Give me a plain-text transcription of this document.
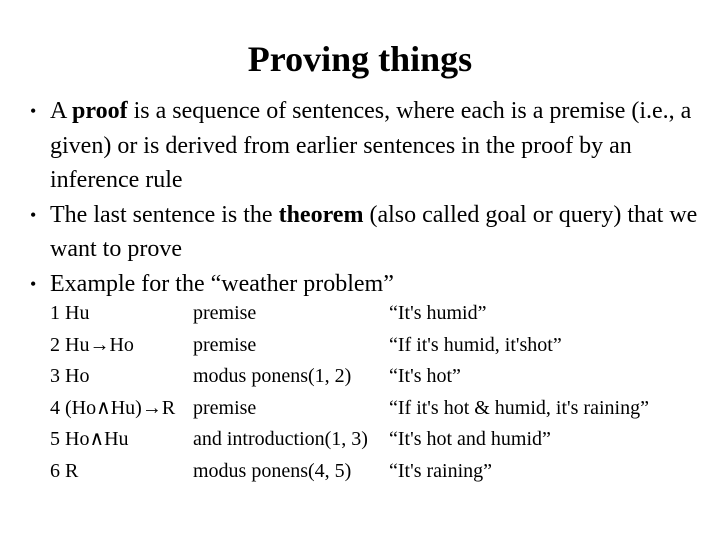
Proving things
• A proof is a sequence of sentences, where each is a premise (i.e., a given) or is derived from earlier sentences in the proof by an inference rule
• The last sentence is the theorem (also called goal or query) that we want to prove
• Example for the “weather problem”
1 Hu	premise	“It's humid”
2 Hu→Ho	premise	“If it's humid, it'shot”
3 Ho	modus ponens(1, 2)	“It's hot”
4 (Ho∧Hu)→R	premise	“If it's hot & humid, it's raining”
5 Ho∧Hu	and introduction(1, 3)	“It's hot and humid”
6 R	modus ponens(4, 5)	“It's raining”
